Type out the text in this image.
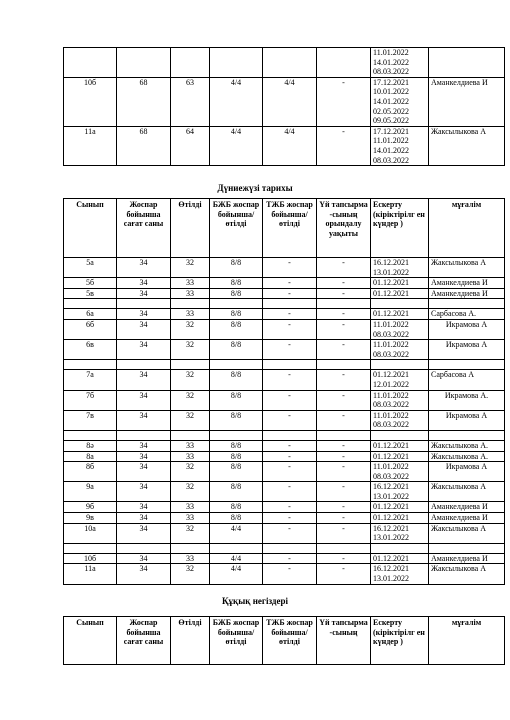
						11.01.2022
14.01.2022
08.03.2022	

10б	68	63	4/4	4/4	-	17.12.2021
10.01.2022
14.01.2022
02.05.2022
09.05.2022	Аманкелдиева И
11а	68	64	4/4	4/4	-	17.12.2021
11.01.2022
14.01.2022
08.03.2022	Жаксылыкова А
Дүниежүзі тарихы
Сынып	Жоспар бойынша сағат саны	Өтілді	БЖБ жоспар бойынша/ өтілді	ТЖБ жоспар бойынша/ өтілді	Үй тапсырма -сының орындалу уақыты	Ескерту (кіріктірілг ен күндер )	мұғалім
5а	34	32	8/8	-	-	16.12.2021
13.01.2022	Жаксылыкова А
5б	34	33	8/8	-	-	01.12.2021	Аманкелдиева И
5в	34	33	8/8	-	-	01.12.2021	Аманкелдиева И

6а	34	33	8/8	-	-	01.12.2021	Сарбасова А.
6б	34	32	8/8	-	-	11.01.2022
08.03.2022	Икрамова А
6в	34	32	8/8	-	-	11.01.2022
08.03.2022	Икрамова А

7а	34	32	8/8	-	-	01.12.2021
12.01.2022	Сарбасова А
7б	34	32	8/8	-	-	11.01.2022
08.03.2022	Икрамова А.
7в	34	32	8/8	-	-	11.01.2022
08.03.2022	Икрамова А

8ә	34	33	8/8	-	-	01.12.2021	Жаксылыкова А.
8а	34	33	8/8	-	-	01.12.2021	Жаксылыкова А.
8б	34	32	8/8	-	-	11.01.2022
08.03.2022	Икрамова А
9а	34	32	8/8	-	-	16.12.2021
13.01.2022	Жаксылыкова А
9б	34	33	8/8	-	-	01.12.2021	Аманкелдиева И
9в	34	33	8/8	-	-	01.12.2021	Аманкелдиева И
10а	34	32	4/4	-	-	16.12.2021
13.01.2022	Жаксылыкова А

10б	34	33	4/4	-	-	01.12.2021	Аманкелдиева И
11а	34	32	4/4	-	-	16.12.2021
13.01.2022	Жаксылыкова А
Құқық негіздері
Сынып	Жоспар бойынша сағат саны	Өтілді	БЖБ жоспар бойынша/ өтілді	ТЖБ жоспар бойынша/ өтілді	Үй тапсырма -сының	Ескерту (кіріктірілг ен күндер )	мұғалім
